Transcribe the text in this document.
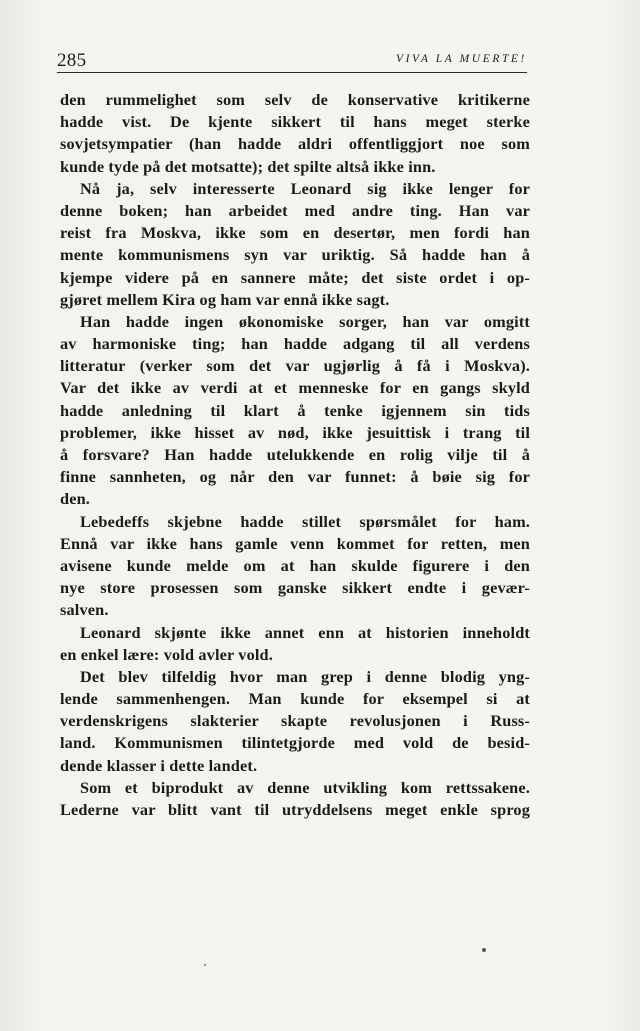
285	VIVA LA MUERTE!
den rummelighet som selv de konservative kritikerne
hadde vist. De kjente sikkert til hans meget sterke
sovjetsympatier (han hadde aldri offentliggjort noe som
kunde tyde på det motsatte); det spilte altså ikke inn.
Nå ja, selv interesserte Leonard sig ikke lenger for
denne boken; han arbeidet med andre ting. Han var
reist fra Moskva, ikke som en desertør, men fordi han
mente kommunismens syn var uriktig. Så hadde han å
kjempe videre på en sannere måte; det siste ordet i op-
gjøret mellem Kira og ham var ennå ikke sagt.
Han hadde ingen økonomiske sorger, han var omgitt
av harmoniske ting; han hadde adgang til all verdens
litteratur (verker som det var ugjørlig å få i Moskva).
Var det ikke av verdi at et menneske for en gangs skyld
hadde anledning til klart å tenke igjennem sin tids
problemer, ikke hisset av nød, ikke jesuittisk i trang til
å forsvare? Han hadde utelukkende en rolig vilje til å
finne sannheten, og når den var funnet: å bøie sig for
den.
Lebedeffs skjebne hadde stillet spørsmålet for ham.
Ennå var ikke hans gamle venn kommet for retten, men
avisene kunde melde om at han skulde figurere i den
nye store prosessen som ganske sikkert endte i gevær-
salven.
Leonard skjønte ikke annet enn at historien inneholdt
en enkel lære: vold avler vold.
Det blev tilfeldig hvor man grep i denne blodig yng-
lende sammenhengen. Man kunde for eksempel si at
verdenskrigens slakterier skapte revolusjonen i Russ-
land. Kommunismen tilintetgjorde med vold de besid-
dende klasser i dette landet.
Som et biprodukt av denne utvikling kom rettssakene.
Lederne var blitt vant til utryddelsens meget enkle sprog
